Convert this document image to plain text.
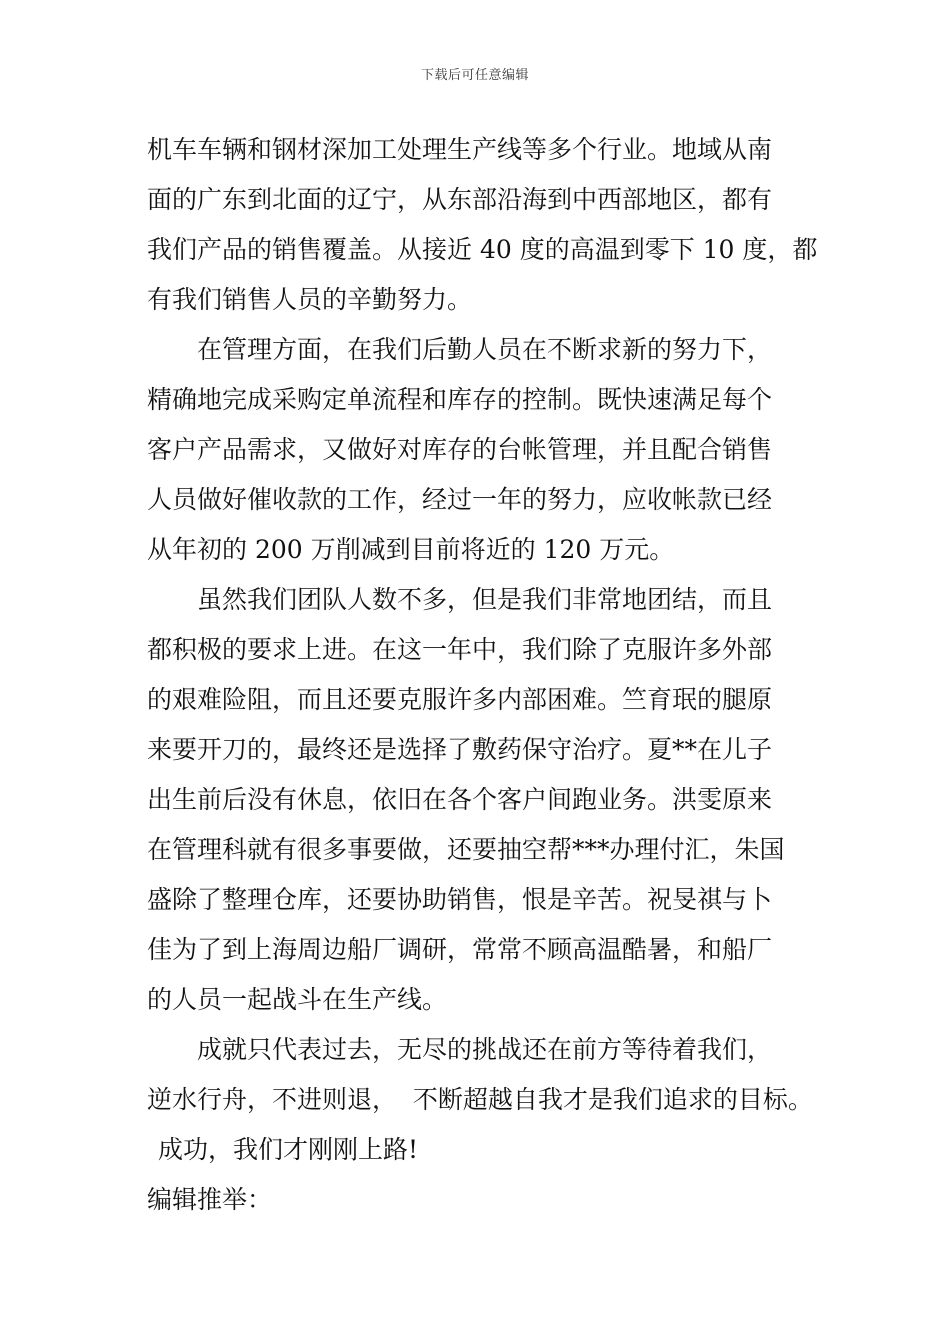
下载后可任意编辑
机车车辆和钢材深加工处理生产线等多个行业。地域从南
面的广东到北面的辽宁，从东部沿海到中西部地区，都有
我们产品的销售覆盖。从接近 40 度的高温到零下 10 度，都
有我们销售人员的辛勤努力。
在管理方面，在我们后勤人员在不断求新的努力下，
精确地完成采购定单流程和库存的控制。既快速满足每个
客户产品需求，又做好对库存的台帐管理，并且配合销售
人员做好催收款的工作，经过一年的努力，应收帐款已经
从年初的 200 万削减到目前将近的 120 万元。
虽然我们团队人数不多，但是我们非常地团结，而且
都积极的要求上进。在这一年中，我们除了克服许多外部
的艰难险阻，而且还要克服许多内部困难。竺育珉的腿原
来要开刀的，最终还是选择了敷药保守治疗。夏**在儿子
出生前后没有休息，依旧在各个客户间跑业务。洪雯原来
在管理科就有很多事要做，还要抽空帮***办理付汇，朱国
盛除了整理仓库，还要协助销售，恨是辛苦。祝旻祺与卜
佳为了到上海周边船厂调研，常常不顾高温酷暑，和船厂
的人员一起战斗在生产线。
成就只代表过去，无尽的挑战还在前方等待着我们，
逆水行舟，不进则退，  不断超越自我才是我们追求的目标。
成功，我们才刚刚上路!
编辑推举：
